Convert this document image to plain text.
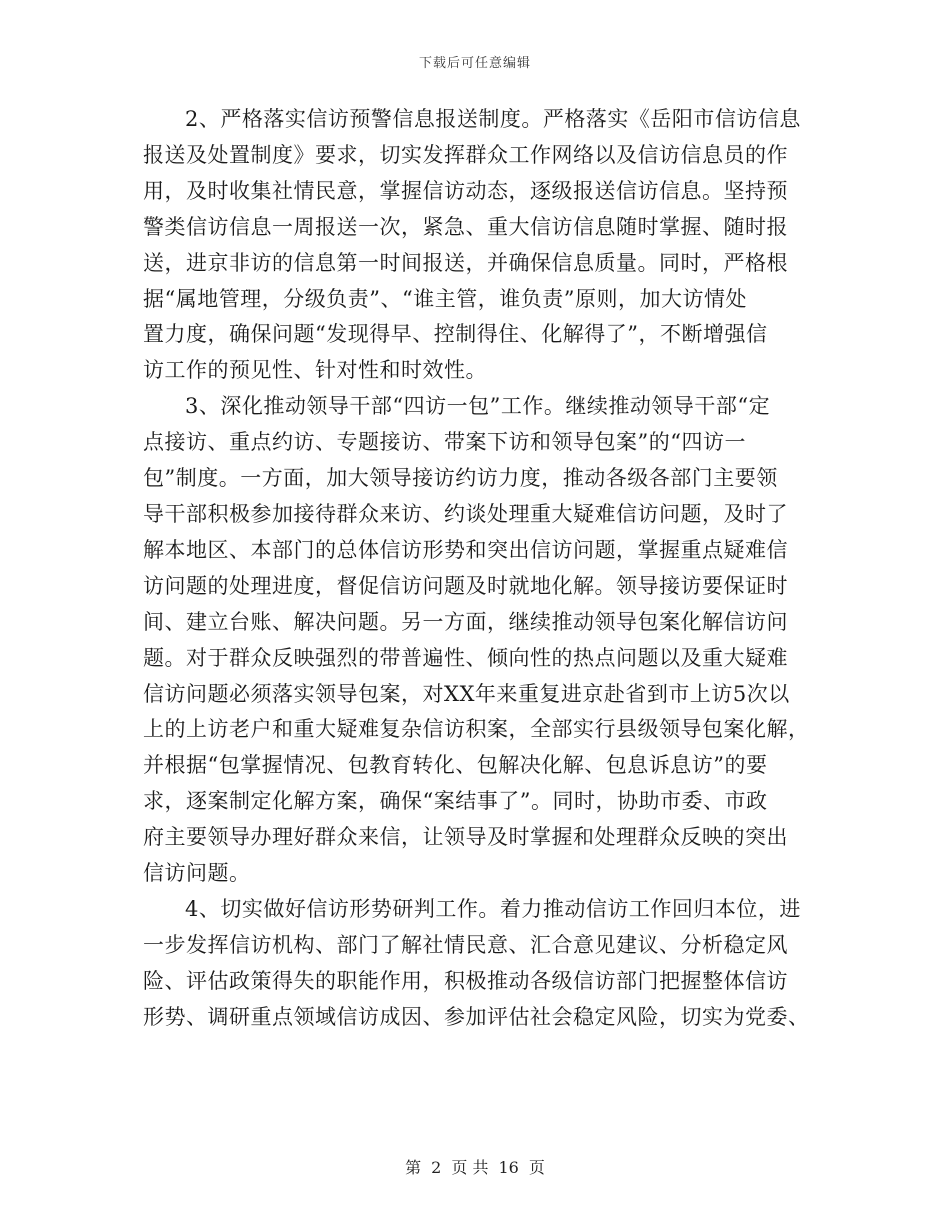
下载后可任意编辑

2、严格落实信访预警信息报送制度。严格落实《岳阳市信访信息

报送及处置制度》要求，切实发挥群众工作网络以及信访信息员的作

用，及时收集社情民意，掌握信访动态，逐级报送信访信息。坚持预

警类信访信息一周报送一次，紧急、重大信访信息随时掌握、随时报

送，进京非访的信息第一时间报送，并确保信息质量。同时，严格根

据“属地管理，分级负责”、“谁主管，谁负责”原则，加大访情处

置力度，确保问题“发现得早、控制得住、化解得了”，不断增强信

访工作的预见性、针对性和时效性。

3、深化推动领导干部“四访一包”工作。继续推动领导干部“定

点接访、重点约访、专题接访、带案下访和领导包案”的“四访一

包”制度。一方面，加大领导接访约访力度，推动各级各部门主要领

导干部积极参加接待群众来访、约谈处理重大疑难信访问题，及时了

解本地区、本部门的总体信访形势和突出信访问题，掌握重点疑难信

访问题的处理进度，督促信访问题及时就地化解。领导接访要保证时

间、建立台账、解决问题。另一方面，继续推动领导包案化解信访问

题。对于群众反映强烈的带普遍性、倾向性的热点问题以及重大疑难

信访问题必须落实领导包案，对XX年来重复进京赴省到市上访5次以

上的上访老户和重大疑难复杂信访积案，全部实行县级领导包案化解，

并根据“包掌握情况、包教育转化、包解决化解、包息诉息访”的要

求，逐案制定化解方案，确保“案结事了”。同时，协助市委、市政

府主要领导办理好群众来信，让领导及时掌握和处理群众反映的突出

信访问题。

4、切实做好信访形势研判工作。着力推动信访工作回归本位，进

一步发挥信访机构、部门了解社情民意、汇合意见建议、分析稳定风

险、评估政策得失的职能作用，积极推动各级信访部门把握整体信访

形势、调研重点领域信访成因、参加评估社会稳定风险，切实为党委、

第 2 页 共 16 页
